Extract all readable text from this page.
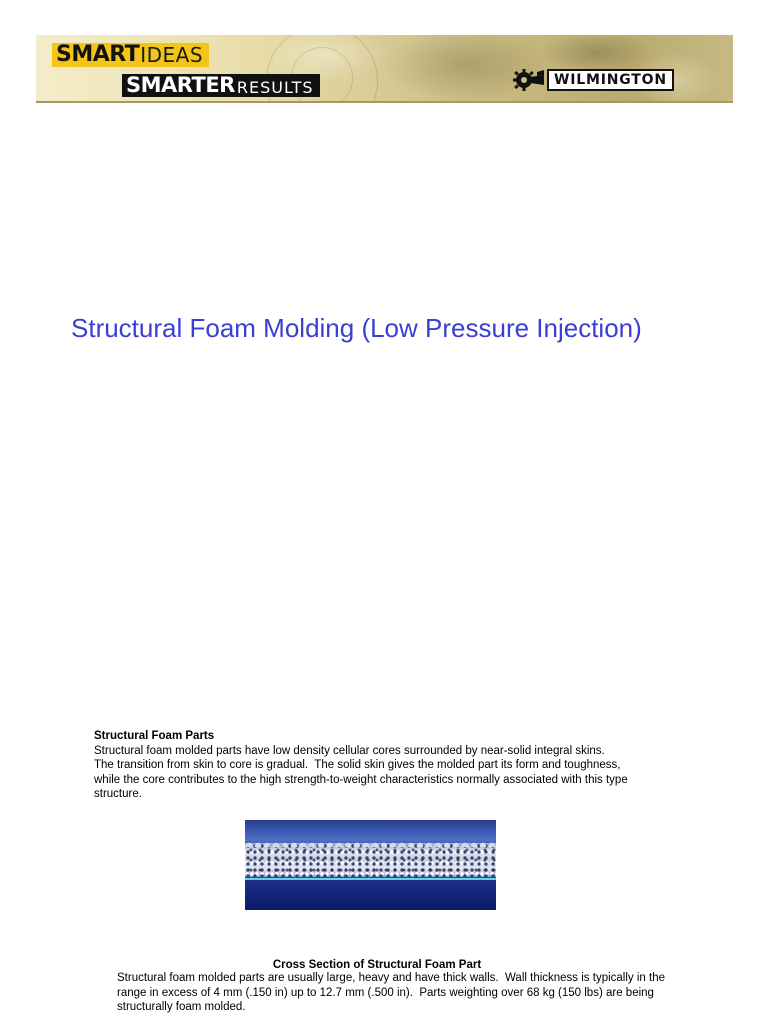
SMART IDEAS
SMARTER RESULTS	WILMINGTON
Structural Foam Molding (Low Pressure Injection)
Structural Foam Parts
Structural foam molded parts have low density cellular cores surrounded by near-solid integral skins.
The transition from skin to core is gradual.  The solid skin gives the molded part its form and toughness,
while the core contributes to the high strength-to-weight characteristics normally associated with this type
structure.
Cross Section of Structural Foam Part
Structural foam molded parts are usually large, heavy and have thick walls.  Wall thickness is typically in the
range in excess of 4 mm (.150 in) up to 12.7 mm (.500 in).  Parts weighting over 68 kg (150 lbs) are being
structurally foam molded.
